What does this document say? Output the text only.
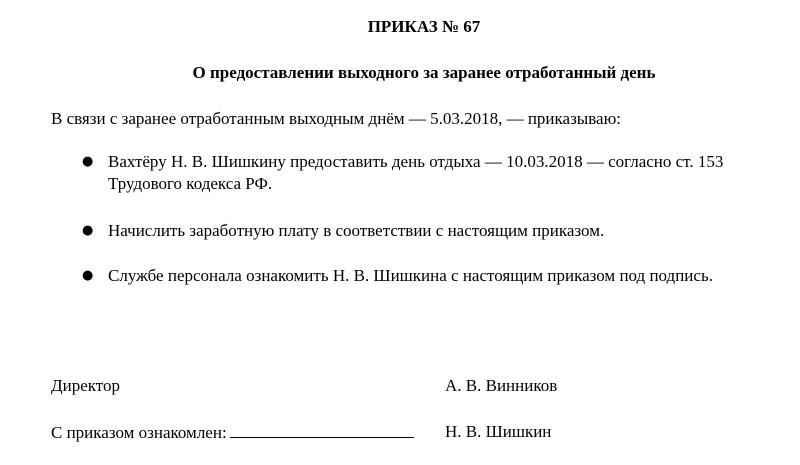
ПРИКАЗ № 67
О предоставлении выходного за заранее отработанный день
В связи с заранее отработанным выходным днём — 5.03.2018, — приказываю:
● Вахтёру Н. В. Шишкину предоставить день отдыха — 10.03.2018 — согласно ст. 153 Трудового кодекса РФ.
● Начислить заработную плату в соответствии с настоящим приказом.
● Службе персонала ознакомить Н. В. Шишкина с настоящим приказом под подпись.
Директор	А. В. Винников
С приказом ознакомлен:	Н. В. Шишкин
